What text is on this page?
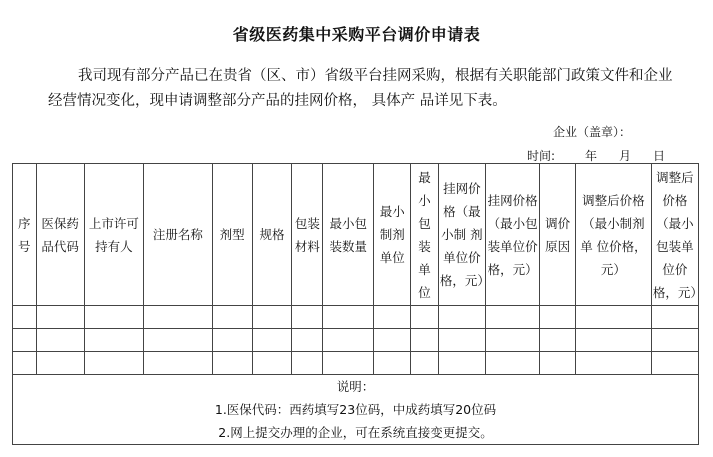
省级医药集中采购平台调价申请表

我司现有部分产品已在贵省（区、市）省级平台挂网采购，根据有关职能部门政策文件和企业经营情况变化，现申请调整部分产品的挂网价格， 具体产 品详见下表。

企业（盖章）：
时间: 年 月 日
序号	医保药品代码	上市许可持有人	注册名称	剂型	规格	包装材料	最小包装数量	最小制剂单位	最小包装单位	挂网价格（最小制 剂单位价格，元）	挂网价格（最小包装单位价格，元）	调价原因	调整后价格 （最小制剂单 位价格，元）	调整后价格（最小包装单位价格，元）

说明：
1.医保代码：西药填写23位码，中成药填写20位码
2.网上提交办理的企业，可在系统直接变更提交。														
